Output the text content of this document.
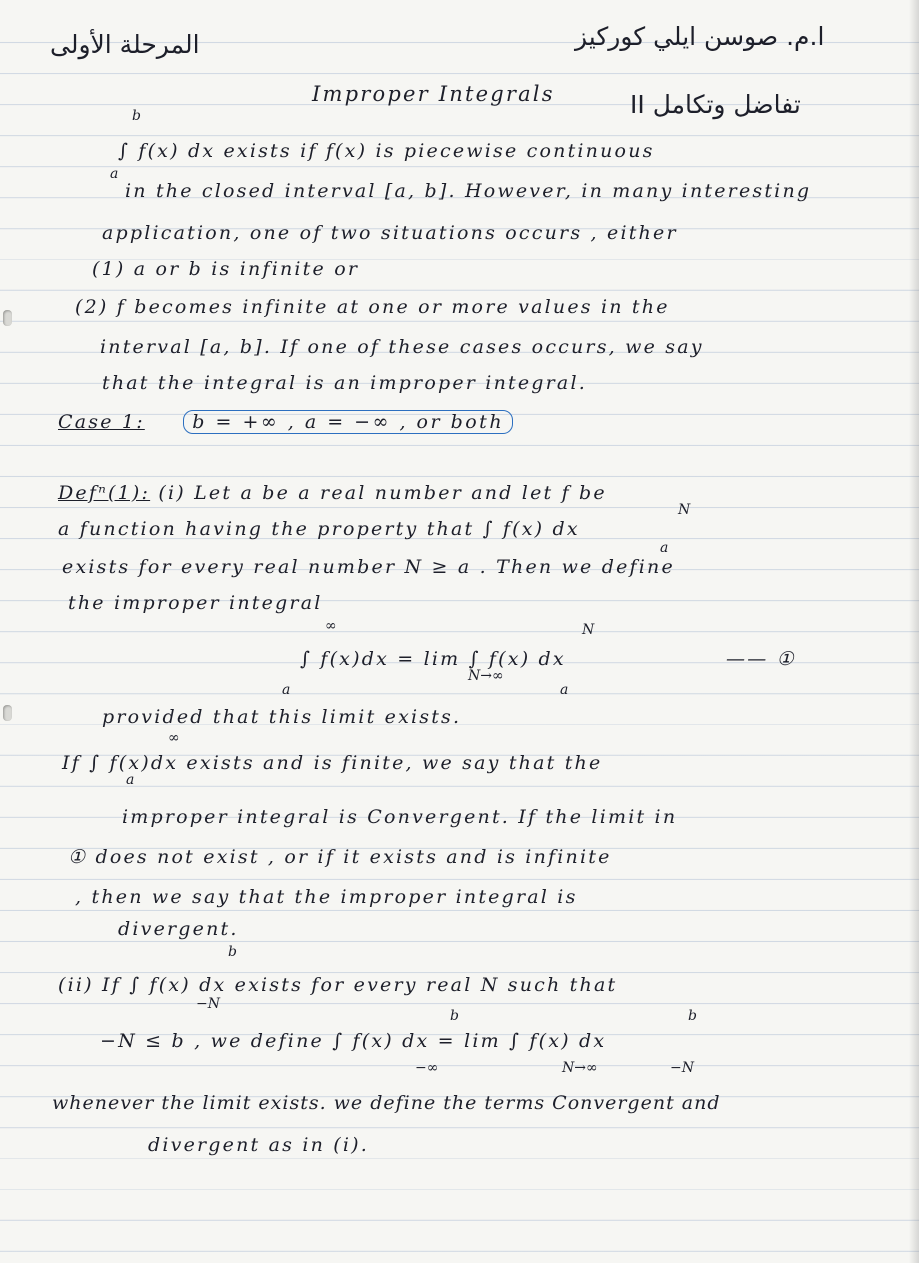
المرحلة الأولى	ا.م. صوسن ايلي كوركيز
تفاضل وتكامل II
Improper Integrals
b
a
∫ f(x) dx exists if f(x) is piecewise continuous
in the closed interval [a, b]. However, in many interesting
application, one of two situations occurs , either
(1) a or b is infinite or
(2) f becomes infinite at one or more values in the
interval [a, b]. If one of these cases occurs, we say
that the integral is an improper integral.
Case 1:	b = +∞ , a = −∞ , or both
Defⁿ(1): (i) Let a be a real number and let f be
N
a
a function having the property that ∫ f(x) dx
exists for every real number N ≥ a . Then we define
the improper integral
∞
a
N
a
N→∞
∫ f(x)dx = lim ∫ f(x) dx	—— ①
provided that this limit exists.
∞
a
If ∫ f(x)dx exists and is finite, we say that the
improper integral is Convergent. If the limit in
① does not exist , or if it exists and is infinite
, then we say that the improper integral is
divergent.
b
−N
(ii) If ∫ f(x) dx exists for every real N such that
b
−∞
b
−N
N→∞
−N ≤ b , we define ∫ f(x) dx = lim ∫ f(x) dx
whenever the limit exists. we define the terms Convergent and
divergent as in (i).
